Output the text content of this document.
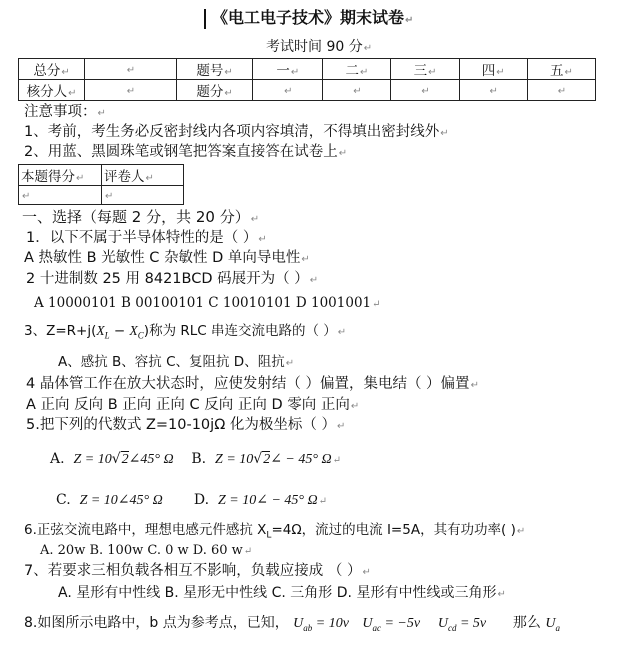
《电工电子技术》期末试卷↵
考试时间 90 分↵
总分↵	↵	题号↵	一↵	二↵	三↵	四↵	五↵
核分人↵	↵	题分↵	↵	↵	↵	↵	↵
注意事项：↵
1、考前，考生务必反密封线内各项内容填清，不得填出密封线外↵
2、用蓝、黑圆珠笔或钢笔把答案直接答在试卷上↵
本题得分↵	评卷人↵
↵	↵
一、选择（每题 2 分，共 20 分）↵
1．以下不属于半导体特性的是（ ）↵
A 热敏性 B 光敏性 C 杂敏性 D 单向导电性↵
2 十进制数 25 用 8421BCD 码展开为（ ）↵
A 10000101 B 00100101 C 10010101 D 1001001↵
3、$Z=R+j(X_L - X_C)$称为 RLC 串连交流电路的（ ）↵
A、感抗 B、容抗 C、复阻抗 D、阻抗↵
4 晶体管工作在放大状态时，应使发射结（ ）偏置，集电结（ ）偏置↵
A 正向 反向 B 正向 正向 C 反向 正向 D 零向 正向↵
5.把下列的代数式 Z=10-10jΩ 化为极坐标（ ）↵
A. Z = 10√2∠45° Ω B. Z = 10√2∠ − 45° Ω↵
C. Z = 10∠45° Ω D. Z = 10∠ − 45° Ω↵
6.正弦交流电路中，理想电感元件感抗 $X_L=4\Omega$，流过的电流 I=5A，其有功功率( )↵
A. 20w B. 100w C. 0 w D. 60 w↵
7、若要求三相负载各相互不影响，负载应接成 （ ）↵
A. 星形有中性线 B. 星形无中性线 C. 三角形 D. 星形有中性线或三角形↵
8.如图所示电路中，b 点为参考点，已知， $U_{ab} = 10v$ $U_{ac} = -5v$ $U_{cd} = 5v$ 那么 $U_a$
